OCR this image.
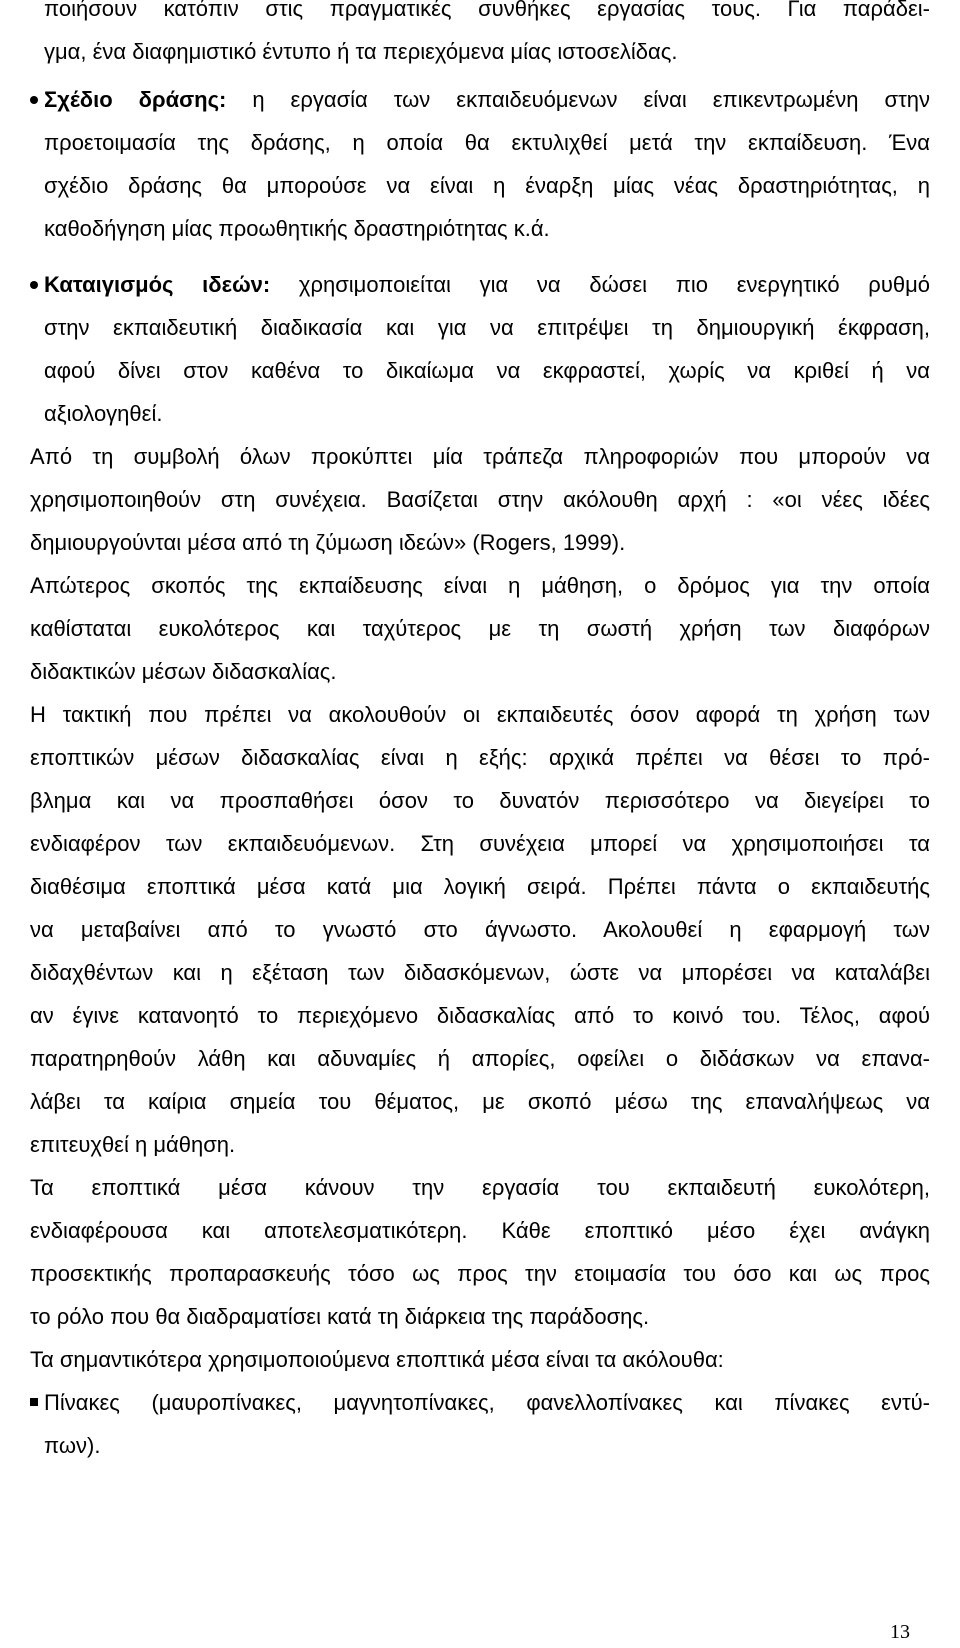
ποιήσουν κατόπιν στις πραγματικές συνθήκες εργασίας τους. Για παράδει-
γμα, ένα διαφημιστικό έντυπο ή τα περιεχόμενα μίας ιστοσελίδας.
Σχέδιο δράσης: η εργασία των εκπαιδευόμενων είναι επικεντρωμένη στην
προετοιμασία της δράσης, η οποία θα εκτυλιχθεί μετά την εκπαίδευση. Ένα
σχέδιο δράσης θα μπορούσε να είναι η έναρξη μίας νέας δραστηριότητας, η
καθοδήγηση μίας προωθητικής δραστηριότητας κ.ά.
Καταιγισμός ιδεών: χρησιμοποιείται για να δώσει πιο ενεργητικό ρυθμό
στην εκπαιδευτική διαδικασία και για να επιτρέψει τη δημιουργική έκφραση,
αφού δίνει στον καθένα το δικαίωμα να εκφραστεί, χωρίς να κριθεί ή να
αξιολογηθεί.
Από τη συμβολή όλων προκύπτει μία τράπεζα πληροφοριών που μπορούν να
χρησιμοποιηθούν στη συνέχεια. Βασίζεται στην ακόλουθη αρχή : «οι νέες ιδέες
δημιουργούνται μέσα από τη ζύμωση ιδεών» (Rogers, 1999).
Απώτερος σκοπός της εκπαίδευσης είναι η μάθηση, ο δρόμος για την οποία
καθίσταται ευκολότερος και ταχύτερος με τη σωστή χρήση των διαφόρων
διδακτικών μέσων διδασκαλίας.
Η τακτική που πρέπει να ακολουθούν οι εκπαιδευτές όσον αφορά τη χρήση των
εποπτικών μέσων διδασκαλίας είναι η εξής: αρχικά πρέπει να θέσει το πρό-
βλημα και να προσπαθήσει όσον το δυνατόν περισσότερο να διεγείρει το
ενδιαφέρον των εκπαιδευόμενων. Στη συνέχεια μπορεί να χρησιμοποιήσει τα
διαθέσιμα εποπτικά μέσα κατά μια λογική σειρά. Πρέπει πάντα ο εκπαιδευτής
να μεταβαίνει από το γνωστό στο άγνωστο. Ακολουθεί η εφαρμογή των
διδαχθέντων και η εξέταση των διδασκόμενων, ώστε να μπορέσει να καταλάβει
αν έγινε κατανοητό το περιεχόμενο διδασκαλίας από το κοινό του. Τέλος, αφού
παρατηρηθούν λάθη και αδυναμίες ή απορίες, οφείλει ο διδάσκων να επανα-
λάβει τα καίρια σημεία του θέματος, με σκοπό μέσω της επαναλήψεως να
επιτευχθεί η μάθηση.
Τα εποπτικά μέσα κάνουν την εργασία του εκπαιδευτή ευκολότερη,
ενδιαφέρουσα και αποτελεσματικότερη. Κάθε εποπτικό μέσο έχει ανάγκη
προσεκτικής προπαρασκευής τόσο ως προς την ετοιμασία του όσο και ως προς
το ρόλο που θα διαδραματίσει κατά τη διάρκεια της παράδοσης.
Τα σημαντικότερα χρησιμοποιούμενα εποπτικά μέσα είναι τα ακόλουθα:
Πίνακες (μαυροπίνακες, μαγνητοπίνακες, φανελλοπίνακες και πίνακες εντύ-
πων).
13
